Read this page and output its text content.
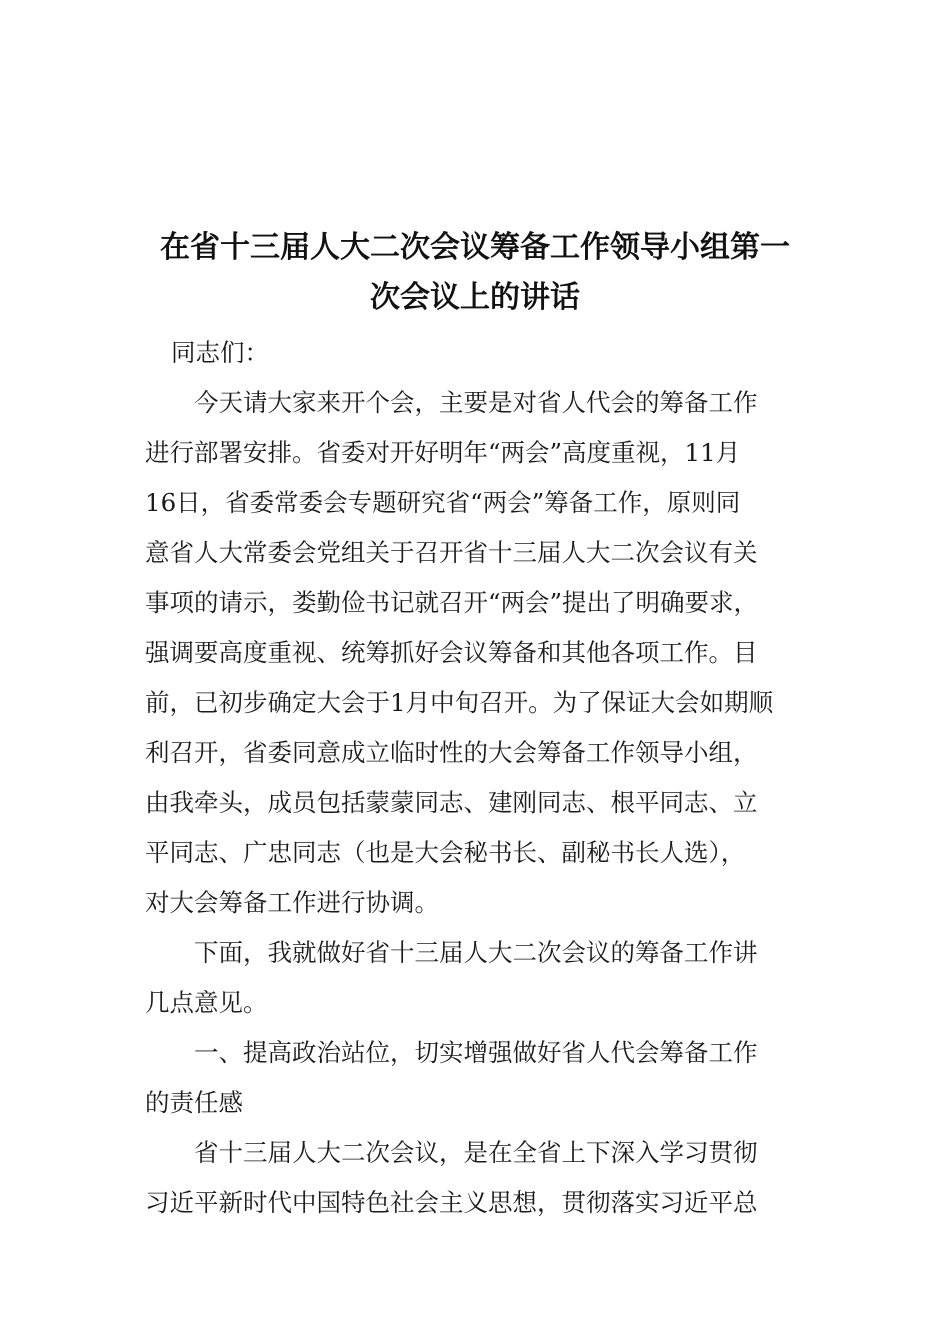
在省十三届人大二次会议筹备工作领导小组第一
次会议上的讲话
同志们：
今天请大家来开个会，主要是对省人代会的筹备工作
进行部署安排。省委对开好明年“两会”高度重视，11月
16日，省委常委会专题研究省“两会”筹备工作，原则同
意省人大常委会党组关于召开省十三届人大二次会议有关
事项的请示，娄勤俭书记就召开“两会”提出了明确要求，
强调要高度重视、统筹抓好会议筹备和其他各项工作。目
前，已初步确定大会于1月中旬召开。为了保证大会如期顺
利召开，省委同意成立临时性的大会筹备工作领导小组，
由我牵头，成员包括蒙蒙同志、建刚同志、根平同志、立
平同志、广忠同志（也是大会秘书长、副秘书长人选），
对大会筹备工作进行协调。
下面，我就做好省十三届人大二次会议的筹备工作讲
几点意见。
一、提高政治站位，切实增强做好省人代会筹备工作
的责任感
省十三届人大二次会议，是在全省上下深入学习贯彻
习近平新时代中国特色社会主义思想，贯彻落实习近平总
